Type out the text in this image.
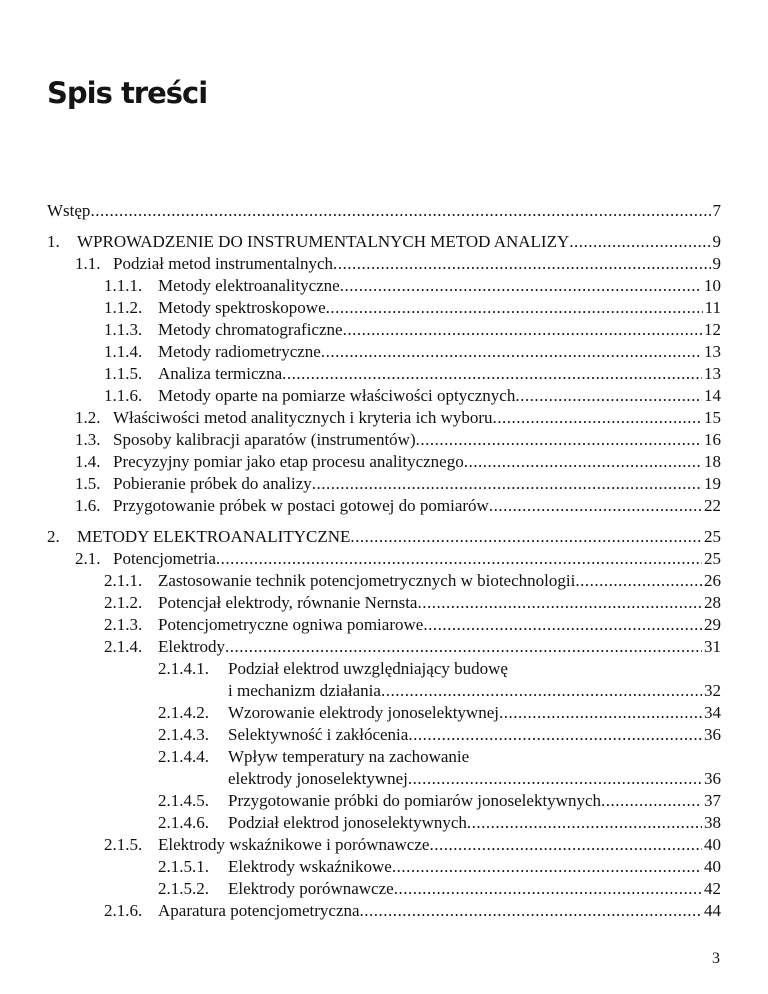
Spis treści
Wstęp .....	7
1.	WPROWADZENIE DO INSTRUMENTALNYCH METOD ANALIZY .....	9
1.1. Podział metod instrumentalnych .....	9
1.1.1. Metody elektroanalityczne .....	10
1.1.2. Metody spektroskopowe .....	11
1.1.3. Metody chromatograficzne .....	12
1.1.4. Metody radiometryczne .....	13
1.1.5. Analiza termiczna .....	13
1.1.6. Metody oparte na pomiarze właściwości optycznych .....	14
1.2. Właściwości metod analitycznych i kryteria ich wyboru .....	15
1.3. Sposoby kalibracji aparatów (instrumentów) .....	16
1.4. Precyzyjny pomiar jako etap procesu analitycznego .....	18
1.5. Pobieranie próbek do analizy .....	19
1.6. Przygotowanie próbek w postaci gotowej do pomiarów .....	22
2.	METODY ELEKTROANALITYCZNE .....	25
2.1. Potencjometria .....	25
2.1.1. Zastosowanie technik potencjometrycznych w biotechnologii .....	26
2.1.2. Potencjał elektrody, równanie Nernsta .....	28
2.1.3. Potencjometryczne ogniwa pomiarowe .....	29
2.1.4. Elektrody .....	31
2.1.4.1. Podział elektrod uwzględniający budowę
i mechanizm działania .....	32
2.1.4.2.	Wzorowanie elektrody jonoselektywnej .....	34
2.1.4.3.	Selektywność i zakłócenia .....	36
2.1.4.4. Wpływ temperatury na zachowanie
elektrody jonoselektywnej .....	36
2.1.4.5.	Przygotowanie próbki do pomiarów jonoselektywnych .....	37
2.1.4.6.	Podział elektrod jonoselektywnych .....	38
2.1.5. Elektrody wskaźnikowe i porównawcze .....	40
2.1.5.1.	Elektrody wskaźnikowe .....	40
2.1.5.2.	Elektrody porównawcze .....	42
2.1.6. Aparatura potencjometryczna .....	44
3
